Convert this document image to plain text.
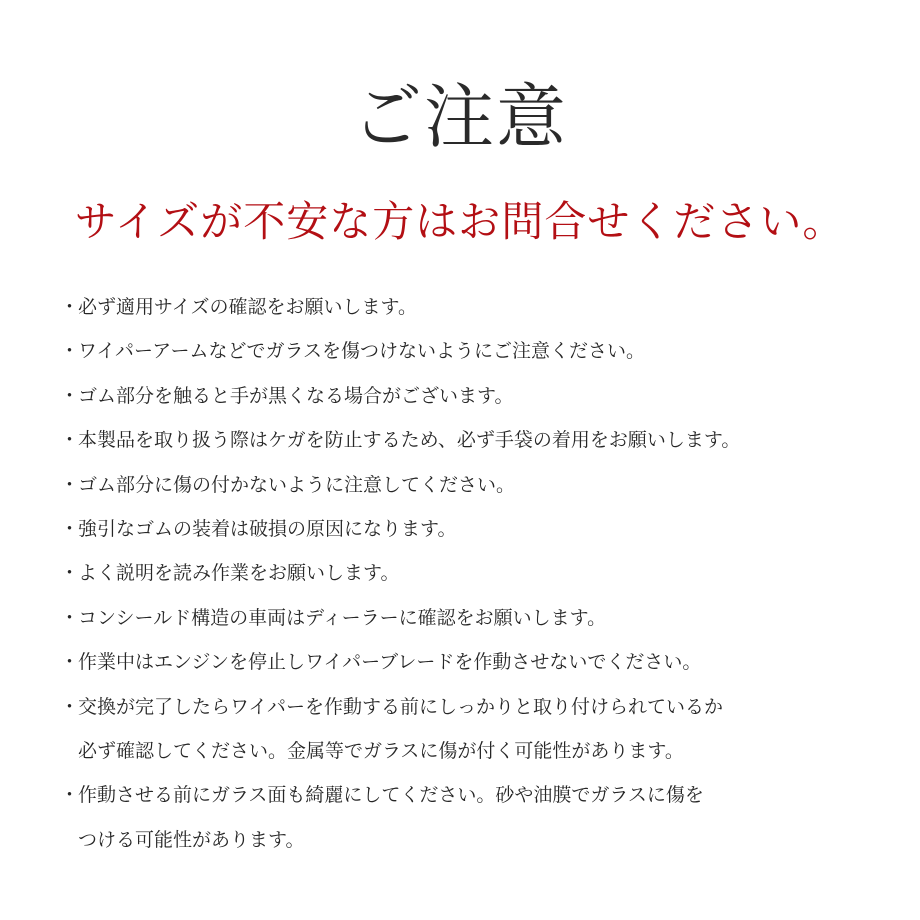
ご注意
サイズが不安な方はお問合せください。
・
必ず適用サイズの確認をお願いします。
・
ワイパーアームなどでガラスを傷つけないようにご注意ください。
・
ゴム部分を触ると手が黒くなる場合がございます。
・
本製品を取り扱う際はケガを防止するため、必ず手袋の着用をお願いします。
・
ゴム部分に傷の付かないように注意してください。
・
強引なゴムの装着は破損の原因になります。
・
よく説明を読み作業をお願いします。
・
コンシールド構造の車両はディーラーに確認をお願いします。
・
作業中はエンジンを停止しワイパーブレードを作動させないでください。
・
交換が完了したらワイパーを作動する前にしっかりと取り付けられているか
必ず確認してください。金属等でガラスに傷が付く可能性があります。
・
作動させる前にガラス面も綺麗にしてください。砂や油膜でガラスに傷を
つける可能性があります。
